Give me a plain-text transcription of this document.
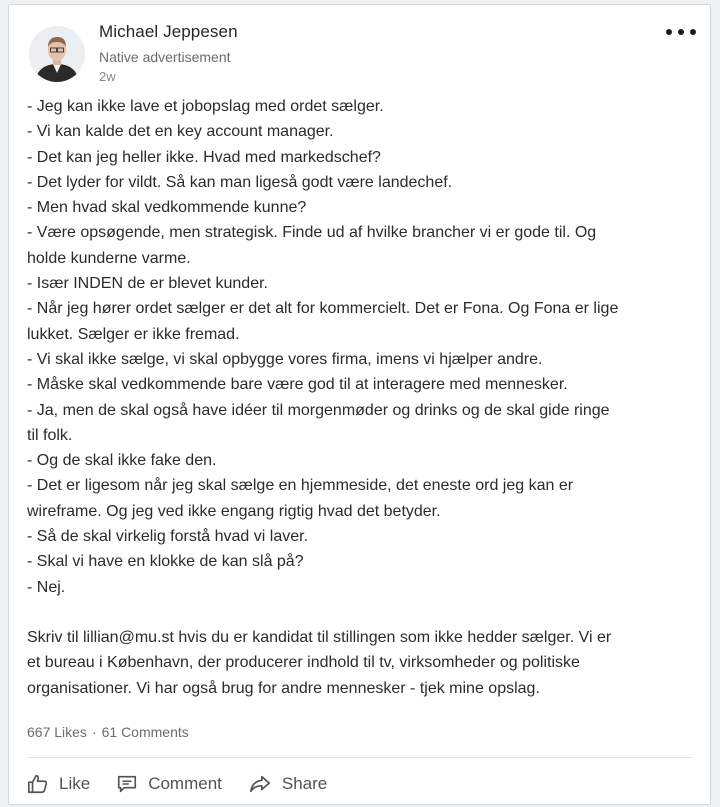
Michael Jeppesen
Native advertisement
2w
- Jeg kan ikke lave et jobopslag med ordet sælger.
- Vi kan kalde det en key account manager.
- Det kan jeg heller ikke. Hvad med markedschef?
- Det lyder for vildt. Så kan man ligeså godt være landechef.
- Men hvad skal vedkommende kunne?
- Være opsøgende, men strategisk. Finde ud af hvilke brancher vi er gode til. Og
holde kunderne varme.
- Især INDEN de er blevet kunder.
- Når jeg hører ordet sælger er det alt for kommercielt. Det er Fona. Og Fona er lige
lukket. Sælger er ikke fremad.
- Vi skal ikke sælge, vi skal opbygge vores firma, imens vi hjælper andre.
- Måske skal vedkommende bare være god til at interagere med mennesker.
- Ja, men de skal også have idéer til morgenmøder og drinks og de skal gide ringe
til folk.
- Og de skal ikke fake den.
- Det er ligesom når jeg skal sælge en hjemmeside, det eneste ord jeg kan er
wireframe. Og jeg ved ikke engang rigtig hvad det betyder.
- Så de skal virkelig forstå hvad vi laver.
- Skal vi have en klokke de kan slå på?
- Nej.
Skriv til lillian@mu.st hvis du er kandidat til stillingen som ikke hedder sælger. Vi er
et bureau i København, der producerer indhold til tv, virksomheder og politiske
organisationer. Vi har også brug for andre mennesker - tjek mine opslag.
667 Likes · 61 Comments
Like	Comment	Share
